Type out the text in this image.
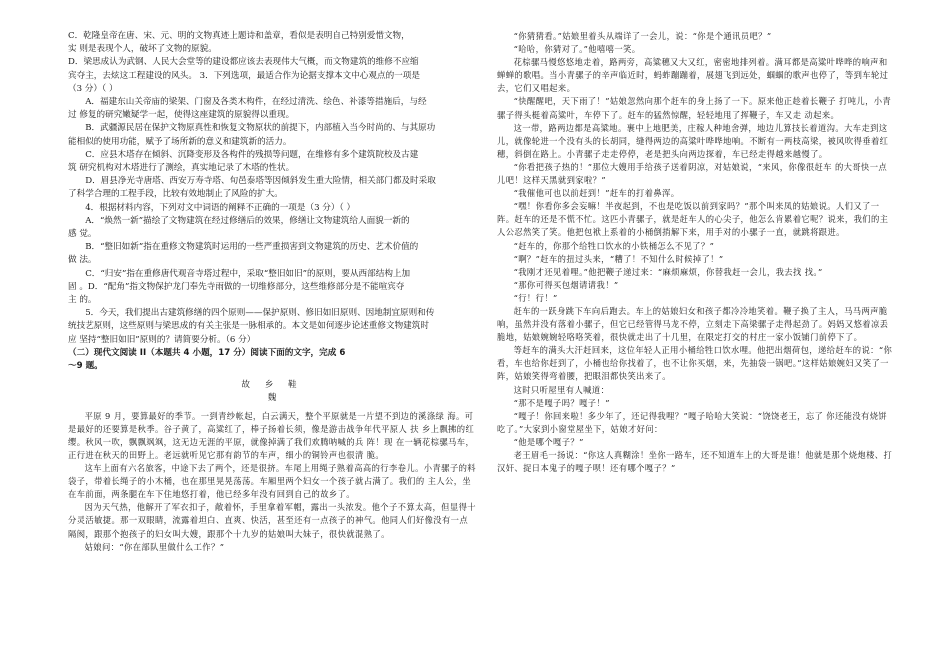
C．乾隆皇帝在唐、宋、元、明的文物真迹上题诗和盖章，看似是表明自己特别爱惜文物，

实 则是表现个人，破坏了文物的原貌。

D．梁思成认为武钢、人民大会堂等的建设都应该去表现伟大气概，而文物建筑的维修不应缩

宾夺主，去炫这工程建设的风头。 3．下列选项，最适合作为论据支撑本文中心观点的一项是

（3 分）（ ）

A．福建东山关帝庙的梁架、门窗及各类木构件，在经过清洗、绘色、补漆等措施后，与经

过 修复的研究嫩疑学一起，使得这座建筑的原貌得以重现。

B．武疆源民居在保护文物原真性和恢复文物原状的前提下，内部植入当今时尚的、与其原功

能相似的使用功能，赋予了场所新的意义和建筑新的活力。

C．应县木塔存在倾斜、沉降变形及各构件的残损等问题，在维修有多个建筑院校及古建

筑 研究机构对木塔进行了测绘，真实地记录了木塔的性状。

D．眉县净光寺唐塔、西安万寿寺塔、旬邑泰塔等因倾斜发生重大险情，相关部门都及时采取

了科学合理的工程手段，比较有效地制止了风险的扩大。

4．根据材料内容，下列对文中词语的阐释不正确的一项是（3 分）（ ）

A．“焕然一新”描绘了文物建筑在经过修缮后的效果，修缮让文物建筑给人面貌一新的

感 觉。

B．“整旧如新”指在重修文物建筑时运用的一些严重损害到文物建筑的历史、艺术价值的

做 法。

C．“归安”指在重修唐代观音寺塔过程中，采取“整旧如旧”的原则，要从西部结构上加

固 。D．“配角”指文物保护龙门奉先寺雨做的一切维修部分，这些维修部分是不能喧宾夺

主 的。

5．今天，我们提出古建筑修缮的四个原则——保护原则、修旧如旧原则、因地制宜原则和传

统技艺原则，这些原则与梁思成的有关主张是一脉相承的。本文是如何逐步论述重修文物建筑时

应 坚持“整旧如旧”原则的？请简要分析。（6 分）

（二）现代文阅读 II（本题共 4 小题，17 分）阅读下面的文字，完成 6

～9 题。

故 乡 鞋

魏

平原 9 月，要算最好的季节。一到青纱帐起，白云满天，整个平原就是一片望不到边的溪涤绿 海。可是最好的还要算是秋季。谷子黄了，高粱红了，棒子扬着长须，像是游击战争年代平原人 扶 乡上飘拂的红缨。秋风一吹，飘飘飒飒，这无边无涯的平原，就像掉满了我们欢腾呐喊的兵 阵！现 在一辆花棕骡马车，正行进在秋天的田野上。老远就听见它那有韵节的车声，细小的铜铃声也很清 脆。

这车上面有六名旅客，中途下去了两个，还是很挤。车尾上用绳子熟着高高的行李卷儿。小青骡子的料袋子，带着长绳子的小木桶，也在那里晃晃荡荡。车厢里两个妇女一个孩子就占满了。我们的 主人公，坐在车前面，两条腿在车下住地悠打着，他已经多年没有回到自己的故乡了。

因为天气热，他解开了军衣扣子，敞着怀，手里拿着军帽，露出一头浓发。他个子不算太高，但显得十分灵活敏捷。那一双眼睛，流露着坦白、直爽、快活，甚至还有一点孩子的神气。他同人们好像没有一点隔阂，跟那个抱孩子的妇女叫大嫂，跟那个十九岁的姑娘叫大妹子，很快就混熟了。

姑娘问：“你在部队里做什么工作？”

“你猜猜看。”姑娘里着头从端详了一会儿，说：“你是个通讯员吧？”

“哈哈，你猜对了。”他嘻嘻一笑。

花棕骡马慢悠悠地走着，路两旁，高粱穗又大又红，密密地排列着。满耳都是高粱叶哗哗的响声和蝉蝉的歌唱。当小青骡子的辛声临近时，蚂蚱蹦蹦着，展翅飞到远处，蝈蝈的歌声也停了，等到车轮过去，它们又唱起来。

“快醒醒吧，天下雨了！”姑娘忽然向那个赶车的身上扬了一下。原来他正趁着长鞭子 打吨儿，小青骡子得头梃着高粱叶，车停下了。赶车的猛然惊醒，轻轻地甩了挥鞭子，车又走 动起来。

这一带，路两边都是高粱地。裹中上地肥美，庄稼人种地舍弹，地边儿算技长着道沟。大车走到这儿，就像轮进一个没有头的长胡同，缝得两边的高粱叶哗哗地响。不断有一两枝高梁，被风吹得垂着红穗，斜倒在路上。小青骡子走走停停，老是把头向两边探着，车已经走得越来越慢了。

“你看把孩子热的！”那位大嫂用手给孩子送着阴凉，对姑娘说，“来风，你像很赶车 的大哥快一点儿吧！这样天黑就到家啦？”

“我催他可也以前赶到！”赶车的打着鼻浑。

“嘿！你看你多会妄嘛！半夜起到，不也是吃饭以前到家吗？”那个叫来凤的姑娘说。人们又了一阵。赶车的还是不慌不忙。这匹小青骡子，就是赶车人的心尖子，他怎么肯累着它呢？说来，我们的主人公忍然笑了笑。他把包袱上系着的小桶倒捎解下来，用手对的小骡子一直，就跳将跟进。

“赶车的，你那个给牲口饮水的小铁桶怎么不见了？”

“啊？”赶车的扭过头来，“糟了！不知什么时候掉了！”

“我刚才还见着哩。”他把鞭子递过来：“麻烦麻烦，你替我赶一会儿，我去找 找。”

“那你可得买包烟请请我！”

“行！行！”

赶车的一跃身跳下车向后跑去。车上的姑娘妇女和孩子都冷冷地笑着。鞭子换了主人，马马两声脆响，虽然并没有落着小骡子，但它已经管得马龙不停，立刻走下高梁骡子走得起劲了。妈妈又悠着凉丢脆地，姑娘婉婉轻咯咯笑着，很快就走出了十几里，在限定打交的村庄一家小饭铺门前停下了。

等赶车的满头大汗赶回来，这位年轻人正用小桶给牲口饮水哩。他把出烟荷包，递给赶车的说：“你看，车也给你赶到了，小桶也给你找着了，也不让你买烟，来，先抽袋一锅吧。”这样姑娘婉妇又笑了一阵，姑娘笑得弯着腰，把眼泪都快笑出来了。

这时只听屋里有人喊道：

“那不是嘎子吗？嘎子！”

“嘎子！你回来啦！多少年了，还记得我哩？”嘎子哈哈大笑说：“饶饶老王，忘了 你还能没有烧饼吃了。”大家到小窗堂屋坐下，姑娘才好问：

“他是哪个嘎子？”

老王眉毛一扬说：“你这人真糊涂！坐你一路车，还不知道车上的大哥是谁！他就是那个烧炮楼、打汉奸、捉日本鬼子的嘎子呗！还有哪个嘎子？”
